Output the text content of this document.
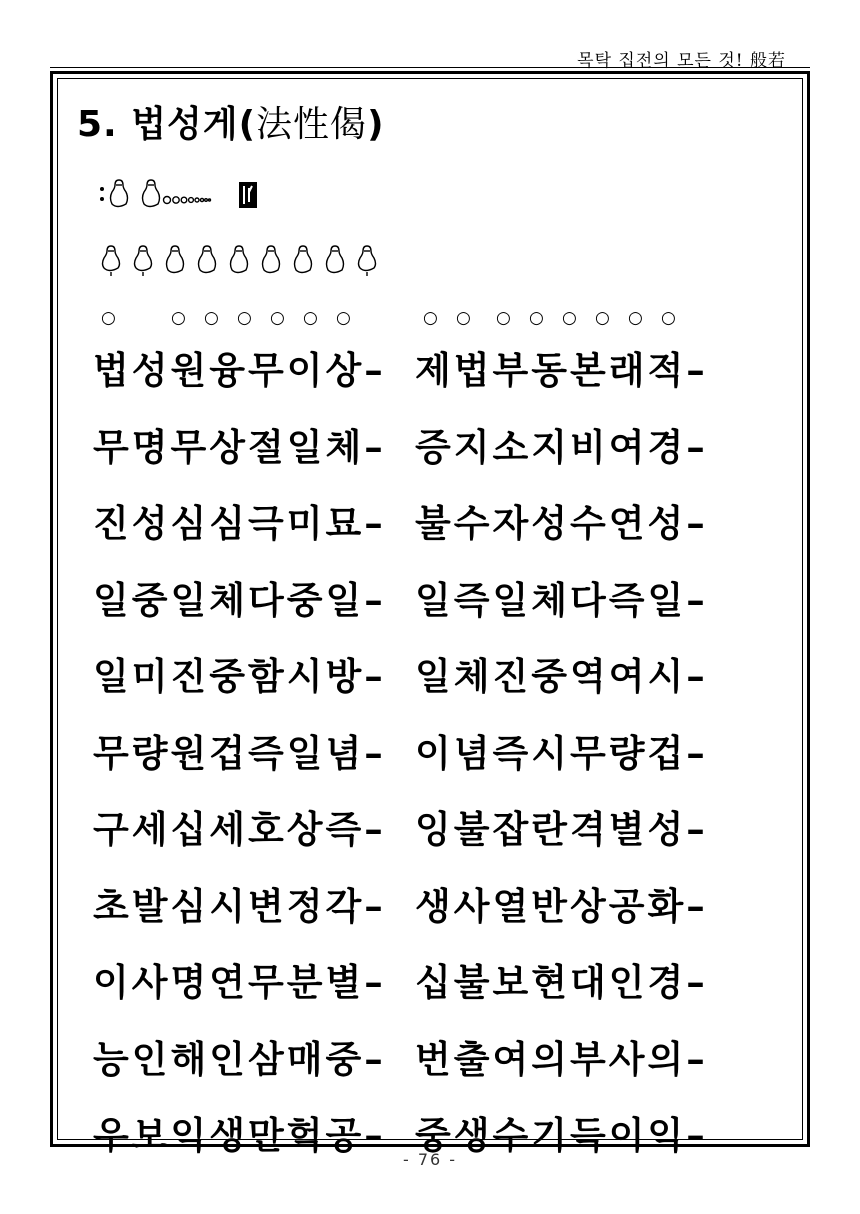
목탁 집전의 모든 것! 般若
5. 법성게(法性偈)
○	○ ○ ○ ○ ○ ○	○ ○ ○ ○ ○ ○ ○ ○
법성원융무이상– 제법부동본래적–
무명무상절일체– 증지소지비여경–
진성심심극미묘– 불수자성수연성–
일중일체다중일– 일즉일체다즉일–
일미진중함시방– 일체진중역여시–
무량원겁즉일념– 이념즉시무량겁–
구세십세호상즉– 잉불잡란격별성–
초발심시변정각– 생사열반상공화–
이사명연무분별– 십불보현대인경–
능인해인삼매중– 번출여의부사의–
우보익생만헉공– 중생수기득이익–
- 76 -
